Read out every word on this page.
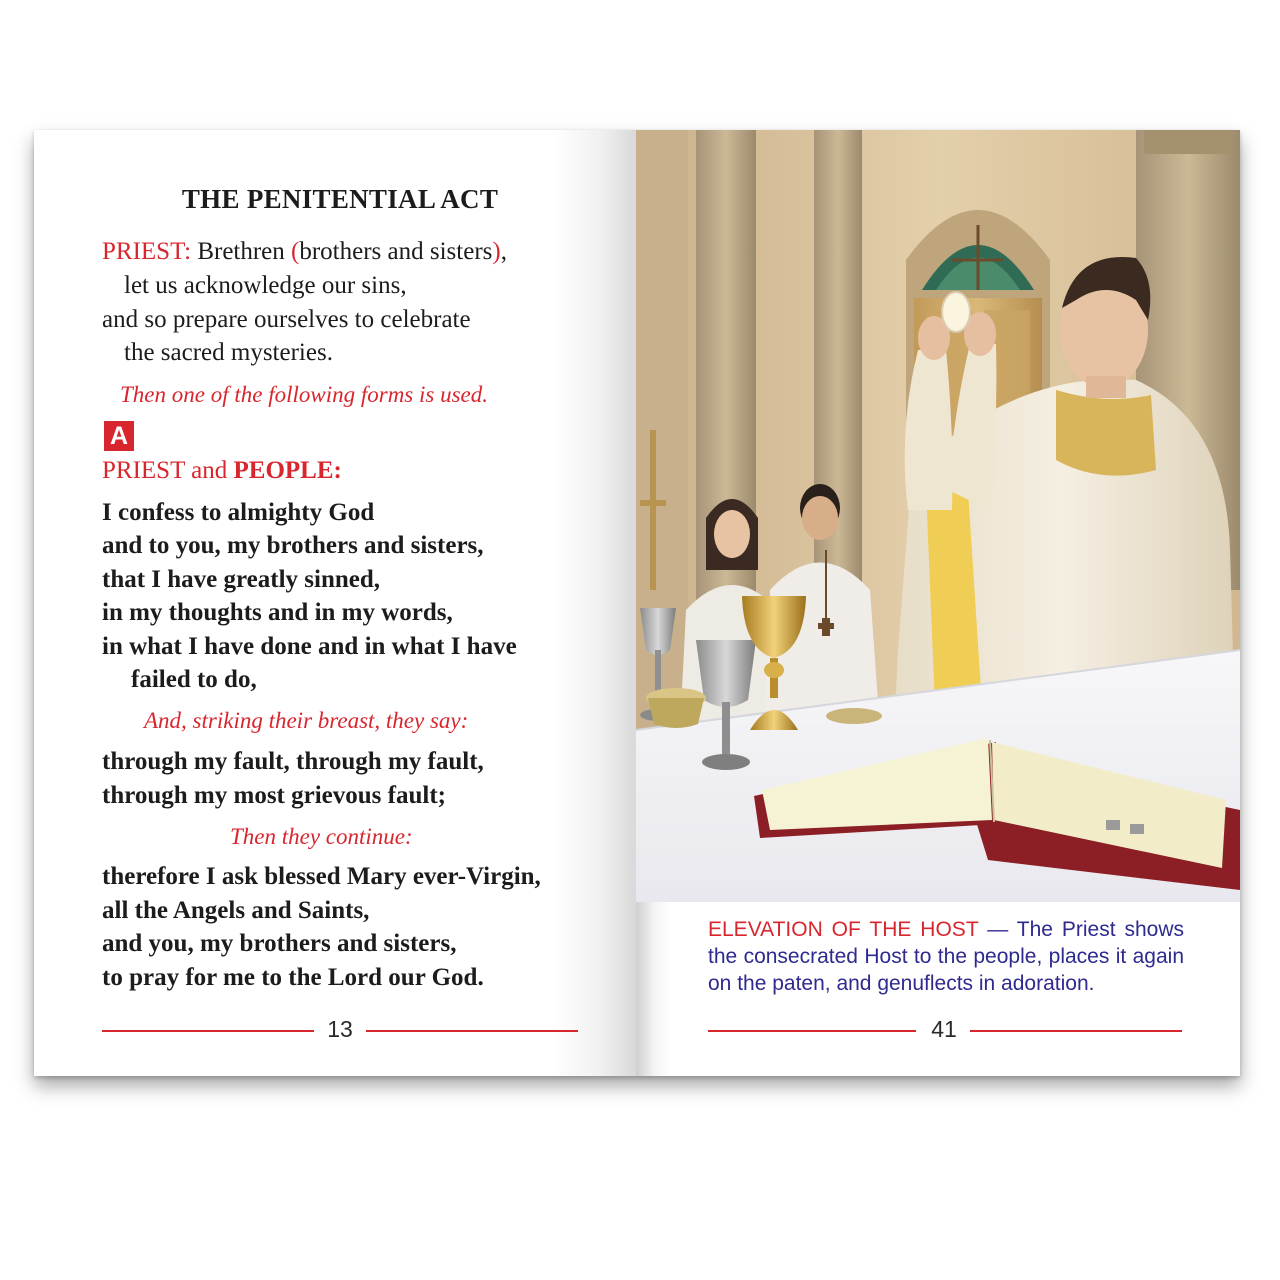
THE PENITENTIAL ACT
PRIEST: Brethren (brothers and sisters),
let us acknowledge our sins,
and so prepare ourselves to celebrate
the sacred mysteries.
Then one of the following forms is used.
A
PRIEST and PEOPLE:
I confess to almighty God
and to you, my brothers and sisters,
that I have greatly sinned,
in my thoughts and in my words,
in what I have done and in what I have
failed to do,
And, striking their breast, they say:
through my fault, through my fault,
through my most grievous fault;
Then they continue:
therefore I ask blessed Mary ever-Virgin,
all the Angels and Saints,
and you, my brothers and sisters,
to pray for me to the Lord our God.
13
ELEVATION OF THE HOST — The Priest shows the consecrated Host to the people, places it again on the paten, and genuflects in adoration.
41
